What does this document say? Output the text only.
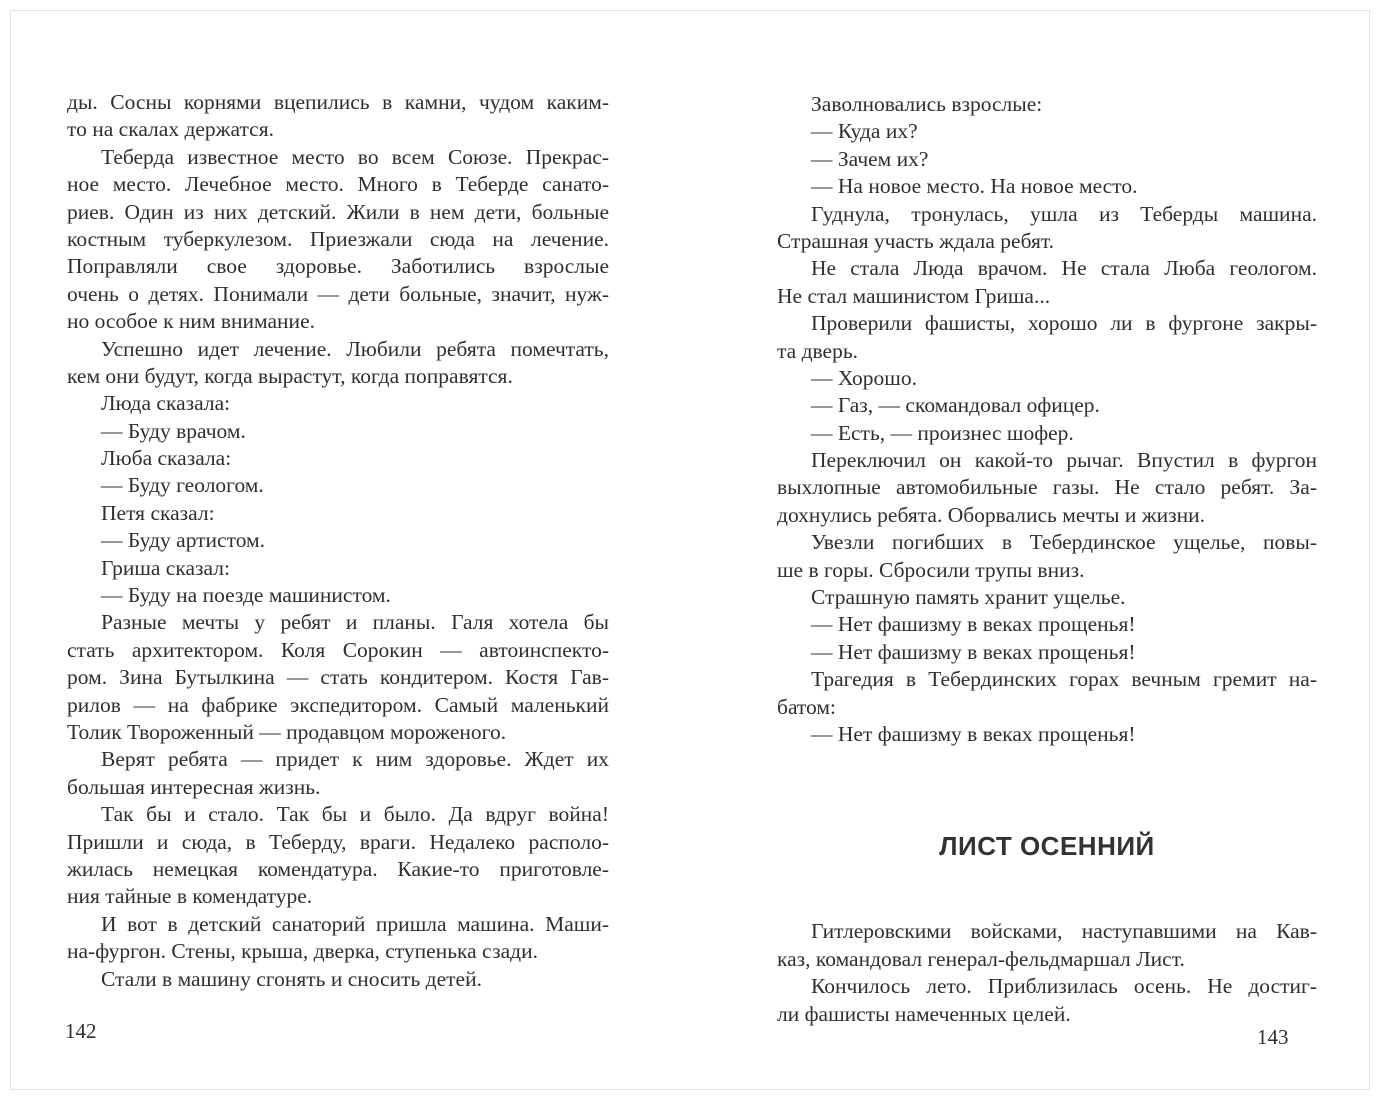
ды. Сосны корнями вцепились в камни, чудом каким-
то на скалах держатся.
Теберда известное место во всем Союзе. Прекрас-
ное место. Лечебное место. Много в Теберде санато-
риев. Один из них детский. Жили в нем дети, больные
костным туберкулезом. Приезжали сюда на лечение.
Поправляли свое здоровье. Заботились взрослые
очень о детях. Понимали — дети больные, значит, нуж-
но особое к ним внимание.
Успешно идет лечение. Любили ребята помечтать,
кем они будут, когда вырастут, когда поправятся.
Люда сказала:
— Буду врачом.
Люба сказала:
— Буду геологом.
Петя сказал:
— Буду артистом.
Гриша сказал:
— Буду на поезде машинистом.
Разные мечты у ребят и планы. Галя хотела бы
стать архитектором. Коля Сорокин — автоинспекто-
ром. Зина Бутылкина — стать кондитером. Костя Гав-
рилов — на фабрике экспедитором. Самый маленький
Толик Твороженный — продавцом мороженого.
Верят ребята — придет к ним здоровье. Ждет их
большая интересная жизнь.
Так бы и стало. Так бы и было. Да вдруг война!
Пришли и сюда, в Теберду, враги. Недалеко располо-
жилась немецкая комендатура. Какие-то приготовле-
ния тайные в комендатуре.
И вот в детский санаторий пришла машина. Маши-
на-фургон. Стены, крыша, дверка, ступенька сзади.
Стали в машину сгонять и сносить детей.
Заволновались взрослые:
— Куда их?
— Зачем их?
— На новое место. На новое место.
Гуднула, тронулась, ушла из Теберды машина.
Страшная участь ждала ребят.
Не стала Люда врачом. Не стала Люба геологом.
Не стал машинистом Гриша...
Проверили фашисты, хорошо ли в фургоне закры-
та дверь.
— Хорошо.
— Газ, — скомандовал офицер.
— Есть, — произнес шофер.
Переключил он какой-то рычаг. Впустил в фургон
выхлопные автомобильные газы. Не стало ребят. За-
дохнулись ребята. Оборвались мечты и жизни.
Увезли погибших в Тебердинское ущелье, повы-
ше в горы. Сбросили трупы вниз.
Страшную память хранит ущелье.
— Нет фашизму в веках прощенья!
— Нет фашизму в веках прощенья!
Трагедия в Тебердинских горах вечным гремит на-
батом:
— Нет фашизму в веках прощенья!
ЛИСТ ОСЕННИЙ
Гитлеровскими войсками, наступавшими на Кав-
каз, командовал генерал-фельдмаршал Лист.
Кончилось лето. Приблизилась осень. Не достиг-
ли фашисты намеченных целей.
142	143
